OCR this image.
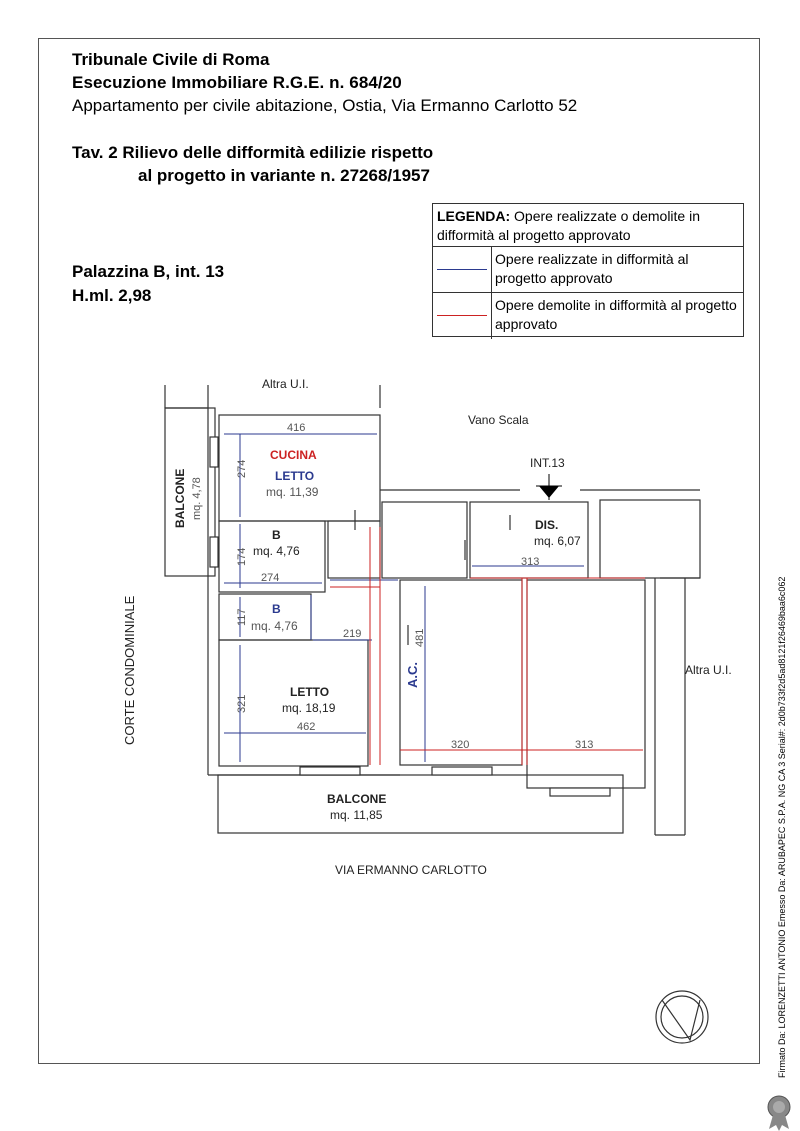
Tribunale Civile di Roma
Esecuzione Immobiliare R.G.E. n. 684/20
Appartamento per civile abitazione, Ostia, Via Ermanno Carlotto 52
Tav. 2 Rilievo delle difformità edilizie rispetto
al progetto in variante n. 27268/1957
Palazzina B, int. 13
H.ml. 2,98
LEGENDA: Opere realizzate o demolite in difformità al progetto approvato
Opere realizzate in difformità al progetto approvato
Opere demolite in difformità al progetto approvato
Altra U.I.
Vano Scala
INT.13
Altra U.I.
VIA ERMANNO CARLOTTO
CORTE CONDOMINIALE
BALCONE mq. 4,78
CUCINA
LETTO
mq. 11,39
B
mq. 4,76
B
mq. 4,76
LETTO
mq. 18,19
DIS.
mq. 6,07
A.C.
BALCONE
mq. 11,85
416
274
174
274
117
219
321
462
481
320
313
313	Firmato Da: LORENZETTI ANTONIO Emesso Da: ARUBAPEC S.P.A. NG CA 3 Serial#: 2d0b733f2d5ad8121f26469baa6c062
